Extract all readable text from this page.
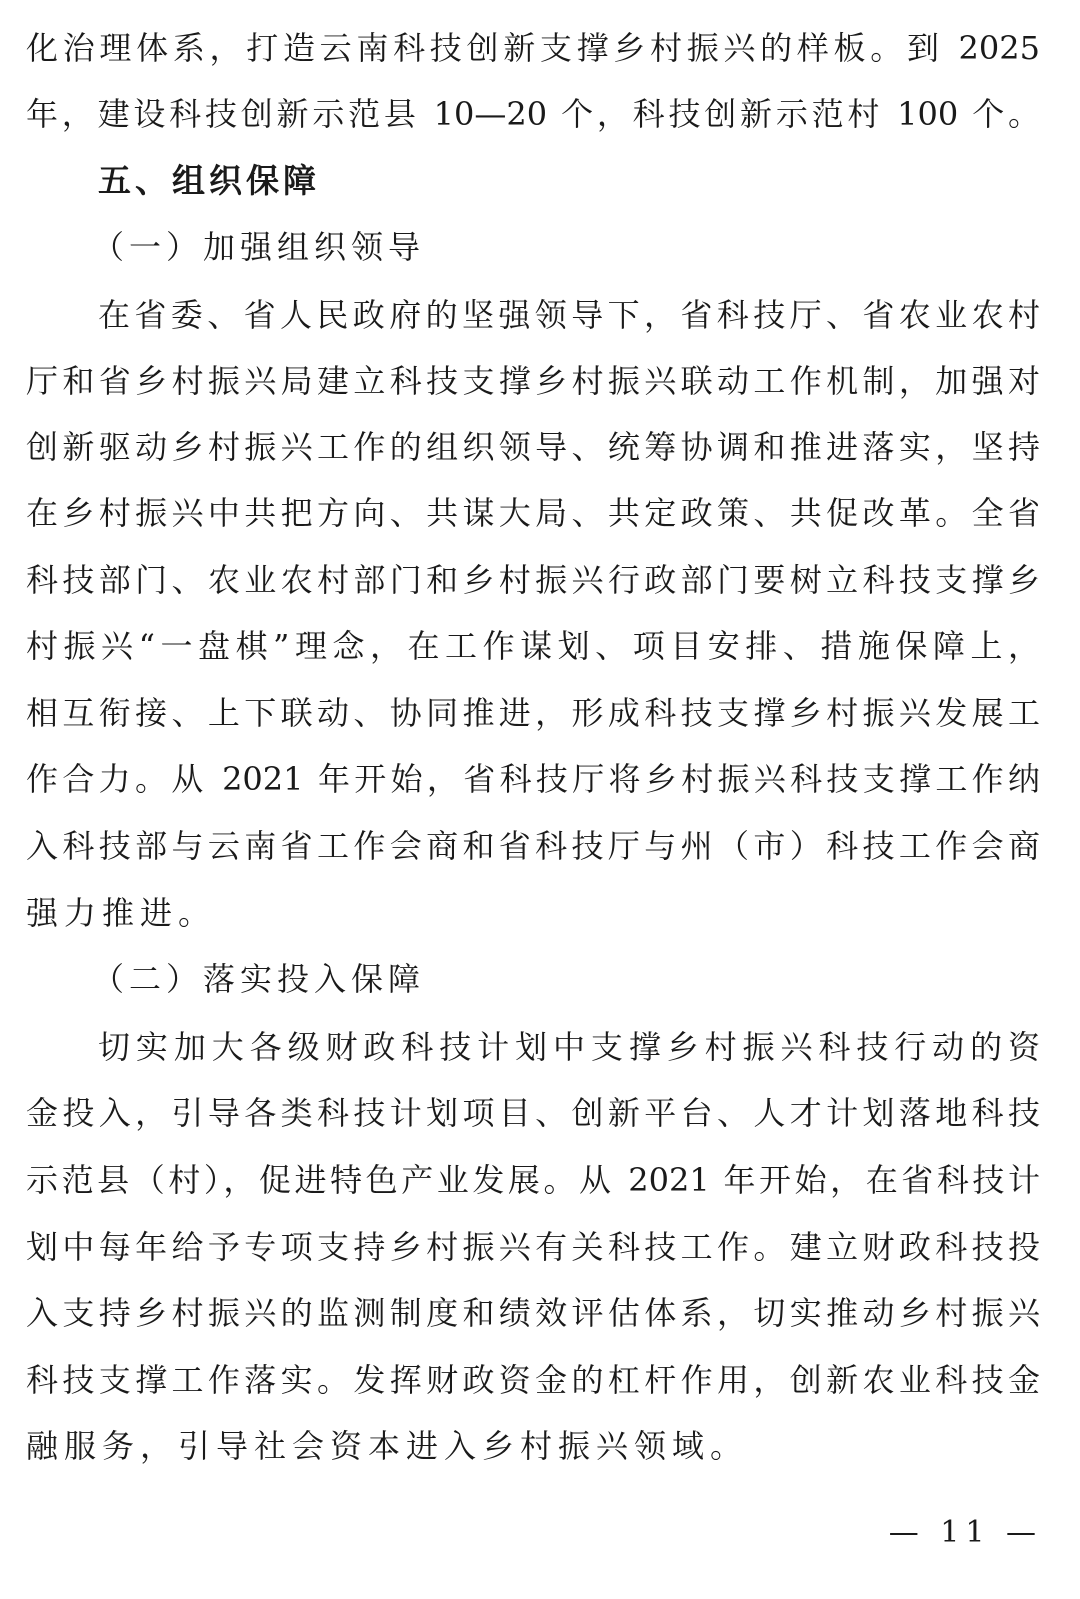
化治理体系，打造云南科技创新支撑乡村振兴的样板。到 2025
年，建设科技创新示范县 10—20 个，科技创新示范村 100 个。
五、组织保障
（一）加强组织领导
在省委、省人民政府的坚强领导下，省科技厅、省农业农村
厅和省乡村振兴局建立科技支撑乡村振兴联动工作机制，加强对
创新驱动乡村振兴工作的组织领导、统筹协调和推进落实，坚持
在乡村振兴中共把方向、共谋大局、共定政策、共促改革。全省
科技部门、农业农村部门和乡村振兴行政部门要树立科技支撑乡
村振兴“一盘棋”理念，在工作谋划、项目安排、措施保障上，
相互衔接、上下联动、协同推进，形成科技支撑乡村振兴发展工
作合力。从 2021 年开始，省科技厅将乡村振兴科技支撑工作纳
入科技部与云南省工作会商和省科技厅与州（市）科技工作会商
强力推进。
（二）落实投入保障
切实加大各级财政科技计划中支撑乡村振兴科技行动的资
金投入，引导各类科技计划项目、创新平台、人才计划落地科技
示范县（村），促进特色产业发展。从 2021 年开始，在省科技计
划中每年给予专项支持乡村振兴有关科技工作。建立财政科技投
入支持乡村振兴的监测制度和绩效评估体系，切实推动乡村振兴
科技支撑工作落实。发挥财政资金的杠杆作用，创新农业科技金
融服务，引导社会资本进入乡村振兴领域。
— 11 —
